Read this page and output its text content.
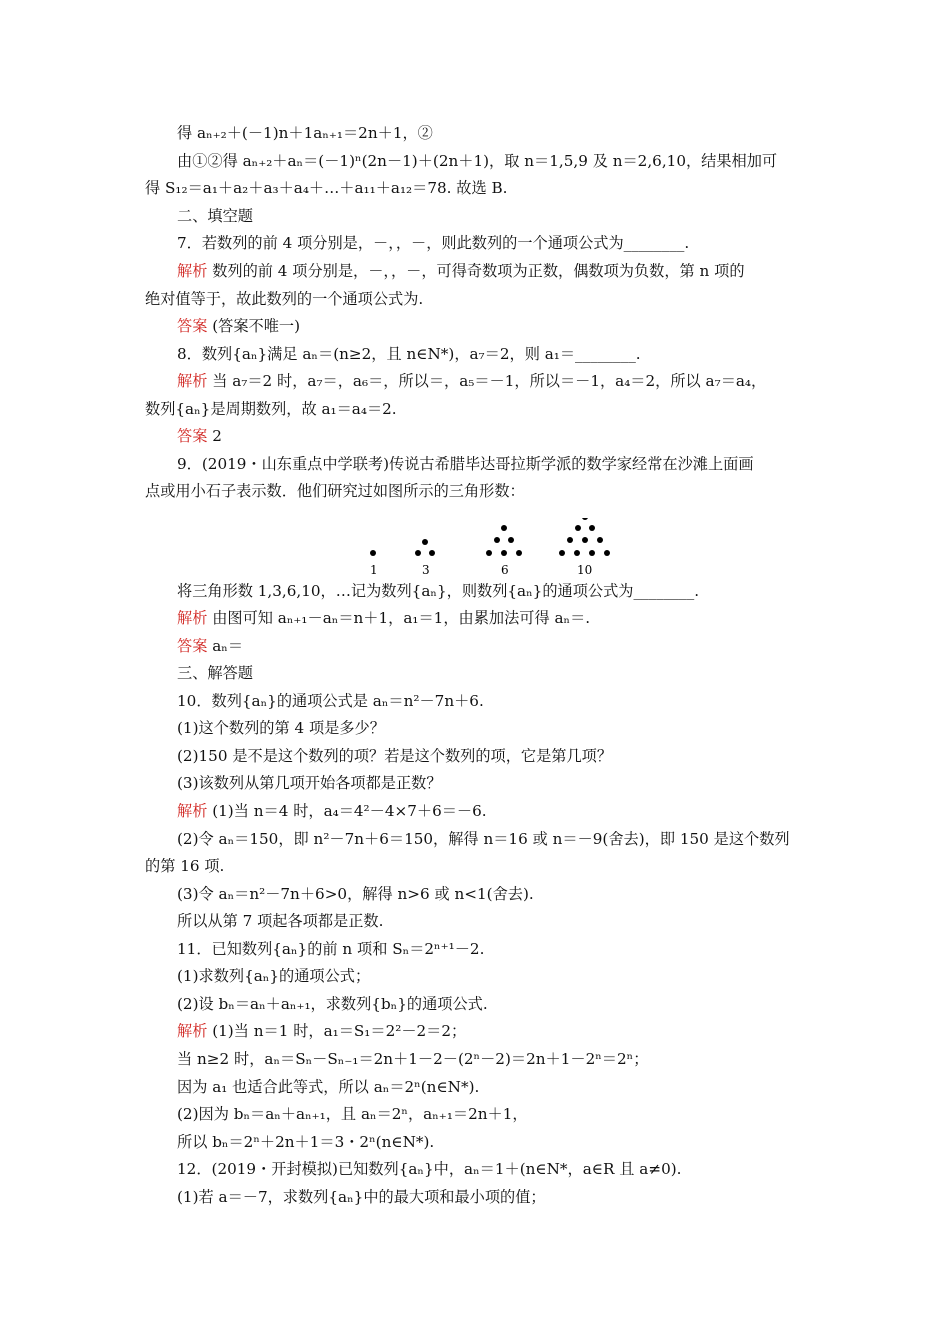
得 aₙ₊₂＋(－1)n＋1aₙ₊₁＝2n＋1，②
由①②得 aₙ₊₂＋aₙ＝(－1)ⁿ(2n－1)＋(2n＋1)，取 n＝1,5,9 及 n＝2,6,10，结果相加可
得 S₁₂＝a₁＋a₂＋a₃＋a₄＋…＋a₁₁＋a₁₂＝78. 故选 B.
二、填空题
7．若数列的前 4 项分别是，－，，－，则此数列的一个通项公式为________.
解析 数列的前 4 项分别是，－，，－，可得奇数项为正数，偶数项为负数，第 n 项的
绝对值等于，故此数列的一个通项公式为.
答案 (答案不唯一)
8．数列{aₙ}满足 aₙ＝(n≥2，且 n∈N*)，a₇＝2，则 a₁＝________.
解析 当 a₇＝2 时，a₇＝，a₆＝，所以＝，a₅＝－1，所以＝－1，a₄＝2，所以 a₇＝a₄，
数列{aₙ}是周期数列，故 a₁＝a₄＝2.
答案 2
9．(2019・山东重点中学联考)传说古希腊毕达哥拉斯学派的数学家经常在沙滩上面画
点或用小石子表示数．他们研究过如图所示的三角形数：
1	3	6	10
将三角形数 1,3,6,10，…记为数列{aₙ}，则数列{aₙ}的通项公式为________.
解析 由图可知 aₙ₊₁－aₙ＝n＋1，a₁＝1，由累加法可得 aₙ＝.
答案 aₙ＝
三、解答题
10．数列{aₙ}的通项公式是 aₙ＝n²－7n＋6.
(1)这个数列的第 4 项是多少？
(2)150 是不是这个数列的项？若是这个数列的项，它是第几项？
(3)该数列从第几项开始各项都是正数？
解析 (1)当 n＝4 时，a₄＝4²－4×7＋6＝－6.
(2)令 aₙ＝150，即 n²－7n＋6＝150，解得 n＝16 或 n＝－9(舍去)，即 150 是这个数列
的第 16 项.
(3)令 aₙ＝n²－7n＋6>0，解得 n>6 或 n<1(舍去).
所以从第 7 项起各项都是正数.
11．已知数列{aₙ}的前 n 项和 Sₙ＝2ⁿ⁺¹－2.
(1)求数列{aₙ}的通项公式；
(2)设 bₙ＝aₙ＋aₙ₊₁，求数列{bₙ}的通项公式.
解析 (1)当 n＝1 时，a₁＝S₁＝2²－2＝2；
当 n≥2 时，aₙ＝Sₙ－Sₙ₋₁＝2n＋1－2－(2ⁿ－2)＝2n＋1－2ⁿ＝2ⁿ；
因为 a₁ 也适合此等式，所以 aₙ＝2ⁿ(n∈N*).
(2)因为 bₙ＝aₙ＋aₙ₊₁，且 aₙ＝2ⁿ，aₙ₊₁＝2n＋1，
所以 bₙ＝2ⁿ＋2n＋1＝3・2ⁿ(n∈N*).
12．(2019・开封模拟)已知数列{aₙ}中，aₙ＝1＋(n∈N*，a∈R 且 a≠0).
(1)若 a＝－7，求数列{aₙ}中的最大项和最小项的值；
